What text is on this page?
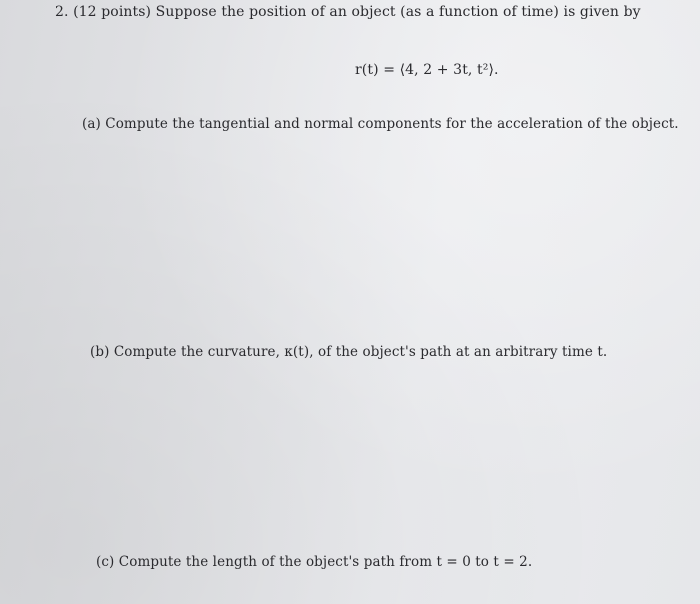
2. (12 points) Suppose the position of an object (as a function of time) is given by
r(t) = ⟨4, 2 + 3t, t²⟩.
(a) Compute the tangential and normal components for the acceleration of the object.
(b) Compute the curvature, κ(t), of the object's path at an arbitrary time t.
(c) Compute the length of the object's path from t = 0 to t = 2.
